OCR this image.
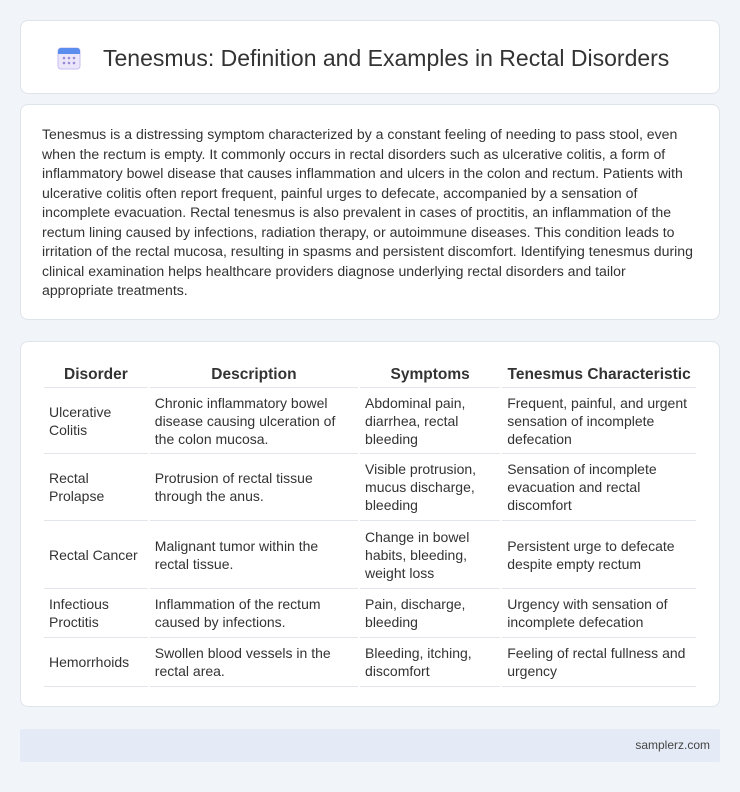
Tenesmus: Definition and Examples in Rectal Disorders

Tenesmus is a distressing symptom characterized by a constant feeling of needing to pass stool, even when the rectum is empty. It commonly occurs in rectal disorders such as ulcerative colitis, a form of inflammatory bowel disease that causes inflammation and ulcers in the colon and rectum. Patients with ulcerative colitis often report frequent, painful urges to defecate, accompanied by a sensation of incomplete evacuation. Rectal tenesmus is also prevalent in cases of proctitis, an inflammation of the rectum lining caused by infections, radiation therapy, or autoimmune diseases. This condition leads to irritation of the rectal mucosa, resulting in spasms and persistent discomfort. Identifying tenesmus during clinical examination helps healthcare providers diagnose underlying rectal disorders and tailor appropriate treatments.

Disorder	Description	Symptoms	Tenesmus Characteristic
Ulcerative Colitis	Chronic inflammatory bowel disease causing ulceration of the colon mucosa.	Abdominal pain, diarrhea, rectal bleeding	Frequent, painful, and urgent sensation of incomplete defecation
Rectal Prolapse	Protrusion of rectal tissue through the anus.	Visible protrusion, mucus discharge, bleeding	Sensation of incomplete evacuation and rectal discomfort
Rectal Cancer	Malignant tumor within the rectal tissue.	Change in bowel habits, bleeding, weight loss	Persistent urge to defecate despite empty rectum
Infectious Proctitis	Inflammation of the rectum caused by infections.	Pain, discharge, bleeding	Urgency with sensation of incomplete defecation
Hemorrhoids	Swollen blood vessels in the rectal area.	Bleeding, itching, discomfort	Feeling of rectal fullness and urgency
samplerz.com
